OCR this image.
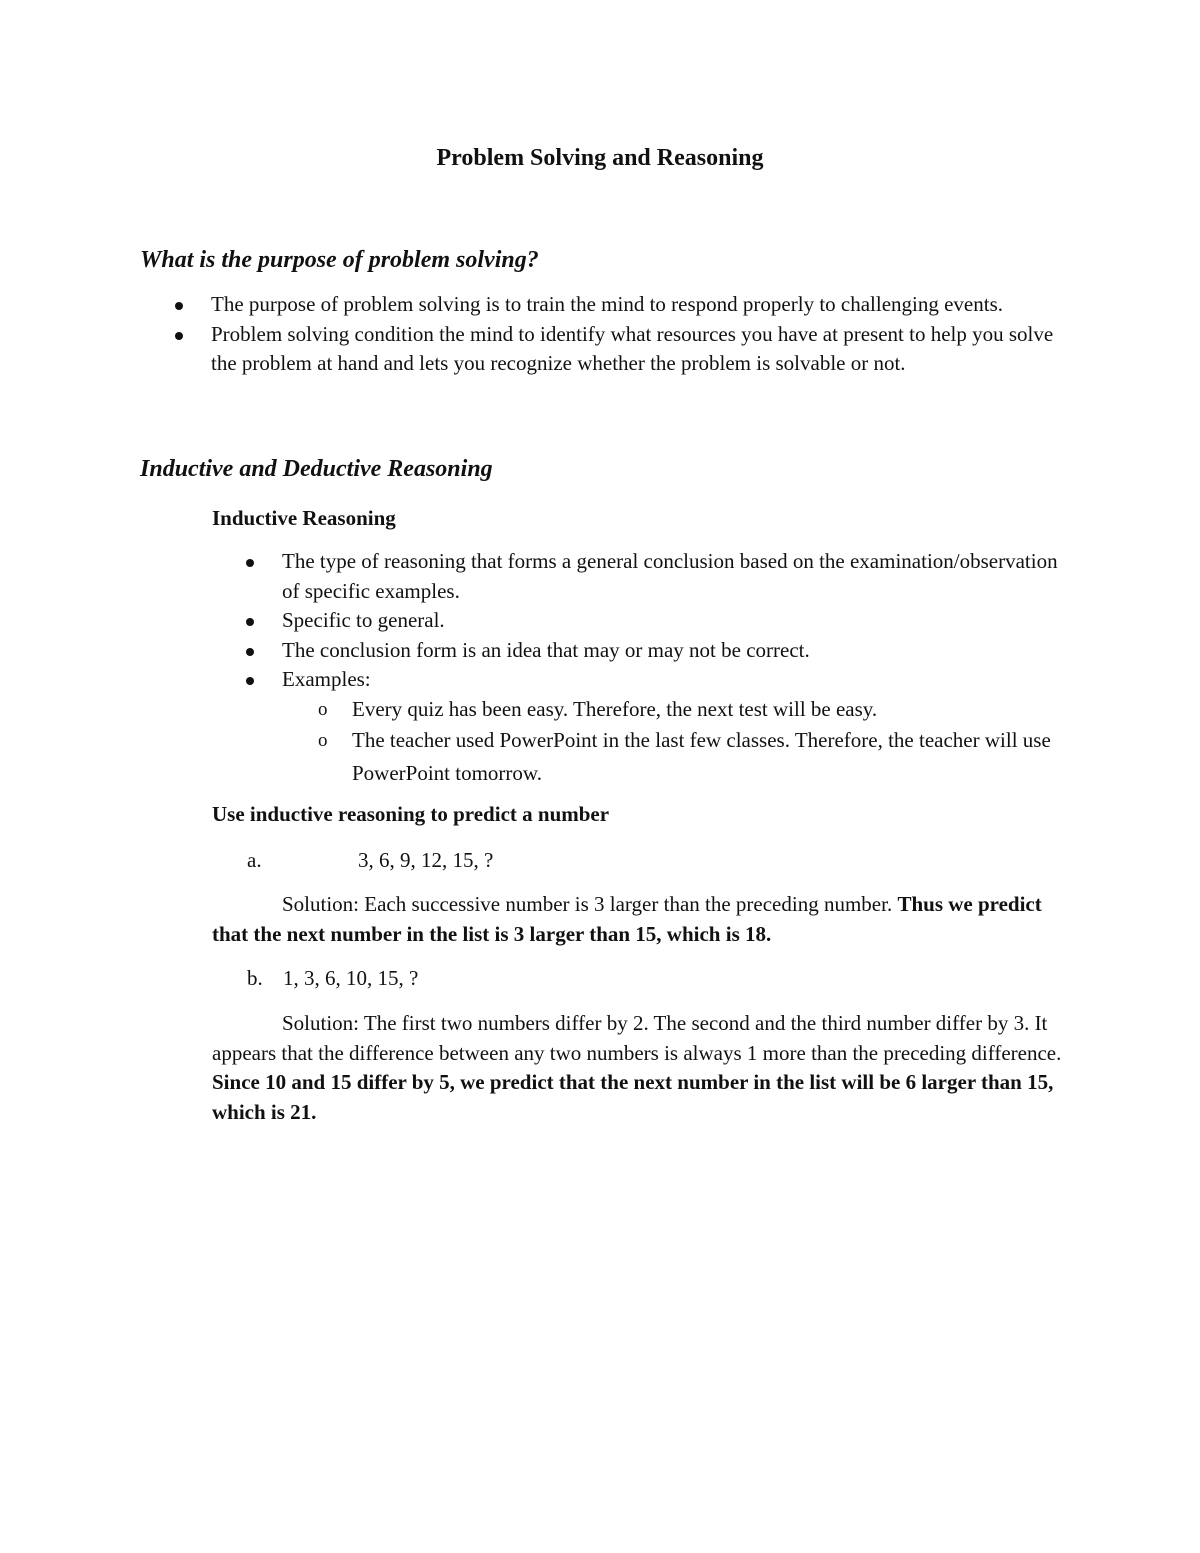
Problem Solving and Reasoning
What is the purpose of problem solving?
The purpose of problem solving is to train the mind to respond properly to challenging events.
Problem solving condition the mind to identify what resources you have at present to help you solve the problem at hand and lets you recognize whether the problem is solvable or not.
Inductive and Deductive Reasoning
Inductive Reasoning
The type of reasoning that forms a general conclusion based on the examination/observation of specific examples.
Specific to general.
The conclusion form is an idea that may or may not be correct.
Examples:
o Every quiz has been easy. Therefore, the next test will be easy.
o The teacher used PowerPoint in the last few classes. Therefore, the teacher will use PowerPoint tomorrow.
Use inductive reasoning to predict a number
a.	3, 6, 9, 12, 15, ?

Solution: Each successive number is 3 larger than the preceding number. Thus we predict that the next number in the list is 3 larger than 15, which is 18.

b. 1, 3, 6, 10, 15, ?

Solution: The first two numbers differ by 2. The second and the third number differ by 3. It appears that the difference between any two numbers is always 1 more than the preceding difference. Since 10 and 15 differ by 5, we predict that the next number in the list will be 6 larger than 15, which is 21.
